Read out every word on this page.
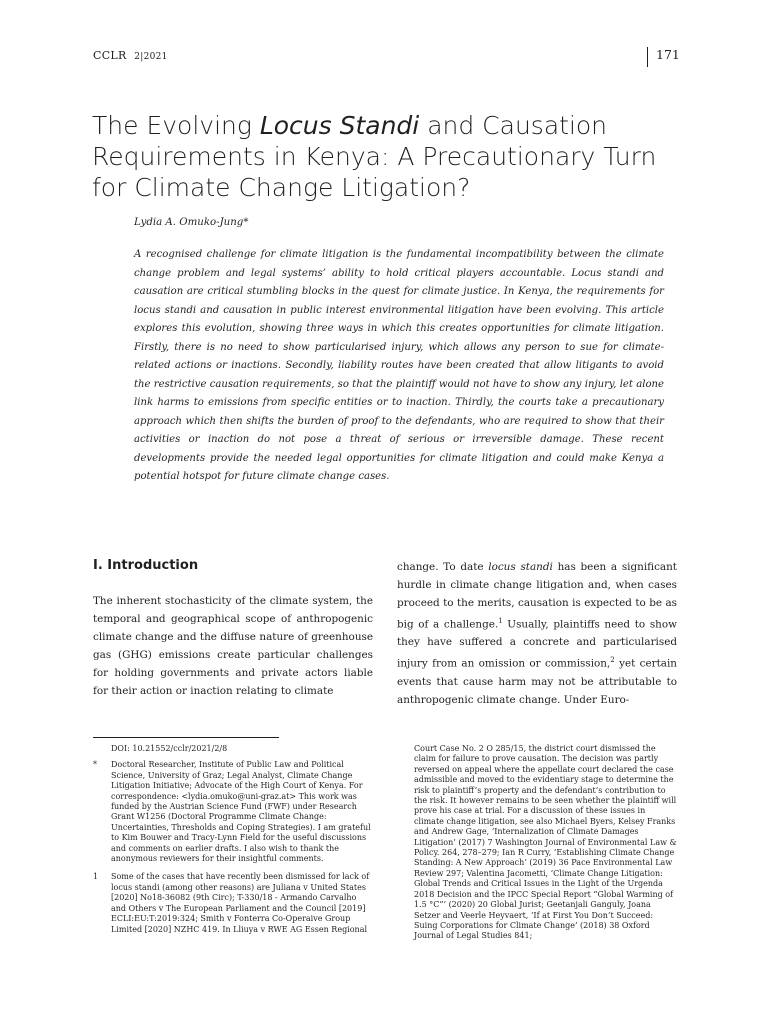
CCLR 2|2021	171
The Evolving Locus Standi and Causation
Requirements in Kenya: A Precautionary Turn
for Climate Change Litigation?
Lydia A. Omuko-Jung*

A recognised challenge for climate litigation is the fundamental incompatibility between the climate change problem and legal systems’ ability to hold critical players accountable. Locus standi and causation are critical stumbling blocks in the quest for climate justice. In Kenya, the requirements for locus standi and causation in public interest environmental litigation have been evolving. This article explores this evolution, showing three ways in which this creates opportunities for climate litigation. Firstly, there is no need to show particularised injury, which allows any person to sue for climate-related actions or inactions. Secondly, liability routes have been created that allow litigants to avoid the restrictive causation requirements, so that the plaintiff would not have to show any injury, let alone link harms to emissions from specific entities or to inaction. Thirdly, the courts take a precautionary approach which then shifts the burden of proof to the defendants, who are required to show that their activities or inaction do not pose a threat of serious or irreversible damage. These recent developments provide the needed legal opportunities for climate litigation and could make Kenya a potential hotspot for future climate change cases.

I. Introduction

The inherent stochasticity of the climate system, the temporal and geographical scope of anthropogenic climate change and the diffuse nature of greenhouse gas (GHG) emissions create particular challenges for holding governments and private actors liable for their action or inaction relating to climate

change. To date locus standi has been a significant hurdle in climate change litigation and, when cases proceed to the merits, causation is expected to be as big of a challenge.$^1$ Usually, plaintiffs need to show they have suffered a concrete and particularised injury from an omission or commission,$^2$ yet certain events that cause harm may not be attributable to anthropogenic climate change. Under Euro-

DOI: 10.21552/cclr/2021/2/8

* Doctoral Researcher, Institute of Public Law and Political Science, University of Graz; Legal Analyst, Climate Change Litigation Initiative; Advocate of the High Court of Kenya. For correspondence: <lydia.omuko@uni-graz.at> This work was funded by the Austrian Science Fund (FWF) under Research Grant W1256 (Doctoral Programme Climate Change: Uncertainties, Thresholds and Coping Strategies). I am grateful to Kim Bouwer and Tracy-Lynn Field for the useful discussions and comments on earlier drafts. I also wish to thank the anonymous reviewers for their insightful comments.

1 Some of the cases that have recently been dismissed for lack of locus standi (among other reasons) are Juliana v United States [2020] No18-36082 (9th Circ); T-330/18 - Armando Carvalho and Others v The European Parliament and the Council [2019] ECLI:EU:T:2019:324; Smith v Fonterra Co-Operaive Group Limited [2020] NZHC 419. In Lliuya v RWE AG Essen Regional

Court Case No. 2 O 285/15, the district court dismissed the claim for failure to prove causation. The decision was partly reversed on appeal where the appellate court declared the case admissible and moved to the evidentiary stage to determine the risk to plaintiff’s property and the defendant’s contribution to the risk. It however remains to be seen whether the plaintiff will prove his case at trial. For a discussion of these issues in climate change litigation, see also Michael Byers, Kelsey Franks and Andrew Gage, ‘Internalization of Climate Damages Litigation’ (2017) 7 Washington Journal of Environmental Law & Policy. 264, 278–279; Ian R Curry, ‘Establishing Climate Change Standing: A New Approach’ (2019) 36 Pace Environmental Law Review 297; Valentina Jacometti, ‘Climate Change Litigation: Global Trends and Critical Issues in the Light of the Urgenda 2018 Decision and the IPCC Special Report “Global Warming of 1.5 °C”’ (2020) 20 Global Jurist; Geetanjali Ganguly, Joana Setzer and Veerle Heyvaert, ‘If at First You Don’t Succeed: Suing Corporations for Climate Change’ (2018) 38 Oxford Journal of Legal Studies 841;
